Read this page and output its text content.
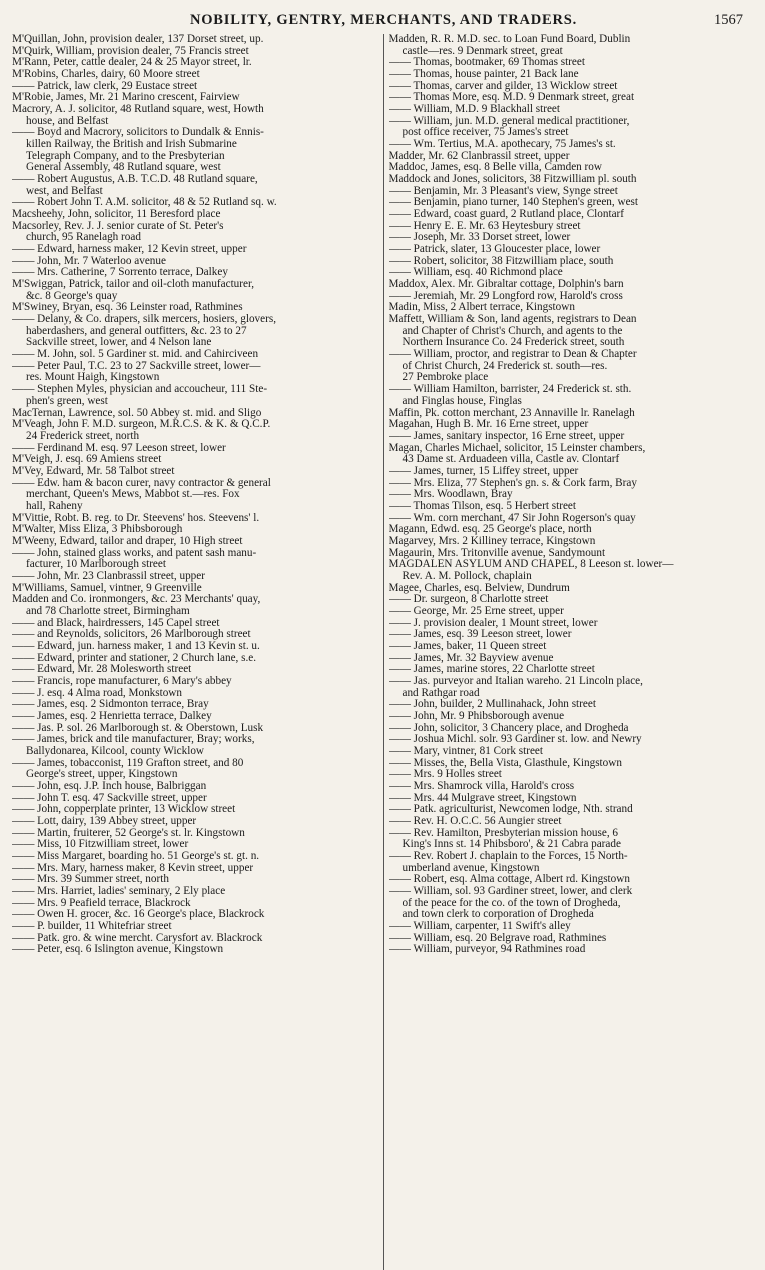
NOBILITY, GENTRY, MERCHANTS, AND TRADERS.	1567
M'Quillan, John, provision dealer, 137 Dorset street, up.
M'Quirk, William, provision dealer, 75 Francis street
M'Rann, Peter, cattle dealer, 24 & 25 Mayor street, lr.
M'Robins, Charles, dairy, 60 Moore street
—— Patrick, law clerk, 29 Eustace street
M'Robie, James, Mr. 21 Marino crescent, Fairview
Macrory, A. J. solicitor, 48 Rutland square, west, Howth
house, and Belfast
—— Boyd and Macrory, solicitors to Dundalk & Ennis-
killen Railway, the British and Irish Submarine
Telegraph Company, and to the Presbyterian
General Assembly, 48 Rutland square, west
—— Robert Augustus, A.B. T.C.D. 48 Rutland square,
west, and Belfast
—— Robert John T. A.M. solicitor, 48 & 52 Rutland sq. w.
Macsheehy, John, solicitor, 11 Beresford place
Macsorley, Rev. J. J. senior curate of St. Peter's
church, 95 Ranelagh road
—— Edward, harness maker, 12 Kevin street, upper
—— John, Mr. 7 Waterloo avenue
—— Mrs. Catherine, 7 Sorrento terrace, Dalkey
M'Swiggan, Patrick, tailor and oil-cloth manufacturer,
&c. 8 George's quay
M'Swiney, Bryan, esq. 36 Leinster road, Rathmines
—— Delany, & Co. drapers, silk mercers, hosiers, glovers,
haberdashers, and general outfitters, &c. 23 to 27
Sackville street, lower, and 4 Nelson lane
—— M. John, sol. 5 Gardiner st. mid. and Cahirciveen
—— Peter Paul, T.C. 23 to 27 Sackville street, lower—
res. Mount Haigh, Kingstown
—— Stephen Myles, physician and accoucheur, 111 Ste-
phen's green, west
MacTernan, Lawrence, sol. 50 Abbey st. mid. and Sligo
M'Veagh, John F. M.D. surgeon, M.R.C.S. & K. & Q.C.P.
24 Frederick street, north
—— Ferdinand M. esq. 97 Leeson street, lower
M'Veigh, J. esq. 69 Amiens street
M'Vey, Edward, Mr. 58 Talbot street
—— Edw. ham & bacon curer, navy contractor & general
merchant, Queen's Mews, Mabbot st.—res. Fox
hall, Raheny
M'Vittie, Robt. B. reg. to Dr. Steevens' hos. Steevens' l.
M'Walter, Miss Eliza, 3 Phibsborough
M'Weeny, Edward, tailor and draper, 10 High street
—— John, stained glass works, and patent sash manu-
facturer, 10 Marlborough street
—— John, Mr. 23 Clanbrassil street, upper
M'Williams, Samuel, vintner, 9 Greenville
Madden and Co. ironmongers, &c. 23 Merchants' quay,
and 78 Charlotte street, Birmingham
—— and Black, hairdressers, 145 Capel street
—— and Reynolds, solicitors, 26 Marlborough street
—— Edward, jun. harness maker, 1 and 13 Kevin st. u.
—— Edward, printer and stationer, 2 Church lane, s.e.
—— Edward, Mr. 28 Molesworth street
—— Francis, rope manufacturer, 6 Mary's abbey
—— J. esq. 4 Alma road, Monkstown
—— James, esq. 2 Sidmonton terrace, Bray
—— James, esq. 2 Henrietta terrace, Dalkey
—— Jas. P. sol. 26 Marlborough st. & Oberstown, Lusk
—— James, brick and tile manufacturer, Bray; works,
Ballydonarea, Kilcool, county Wicklow
—— James, tobacconist, 119 Grafton street, and 80
George's street, upper, Kingstown
—— John, esq. J.P. Inch house, Balbriggan
—— John T. esq. 47 Sackville street, upper
—— John, copperplate printer, 13 Wicklow street
—— Lott, dairy, 139 Abbey street, upper
—— Martin, fruiterer, 52 George's st. lr. Kingstown
—— Miss, 10 Fitzwilliam street, lower
—— Miss Margaret, boarding ho. 51 George's st. gt. n.
—— Mrs. Mary, harness maker, 8 Kevin street, upper
—— Mrs. 39 Summer street, north
—— Mrs. Harriet, ladies' seminary, 2 Ely place
—— Mrs. 9 Peafield terrace, Blackrock
—— Owen H. grocer, &c. 16 George's place, Blackrock
—— P. builder, 11 Whitefriar street
—— Patk. gro. & wine mercht. Carysfort av. Blackrock
—— Peter, esq. 6 Islington avenue, Kingstown
Madden, R. R. M.D. sec. to Loan Fund Board, Dublin
castle—res. 9 Denmark street, great
—— Thomas, bootmaker, 69 Thomas street
—— Thomas, house painter, 21 Back lane
—— Thomas, carver and gilder, 13 Wicklow street
—— Thomas More, esq. M.D. 9 Denmark street, great
—— William, M.D. 9 Blackhall street
—— William, jun. M.D. general medical practitioner,
post office receiver, 75 James's street
—— Wm. Tertius, M.A. apothecary, 75 James's st.
Madder, Mr. 62 Clanbrassil street, upper
Maddoc, James, esq. 8 Belle villa, Camden row
Maddock and Jones, solicitors, 38 Fitzwilliam pl. south
—— Benjamin, Mr. 3 Pleasant's view, Synge street
—— Benjamin, piano turner, 140 Stephen's green, west
—— Edward, coast guard, 2 Rutland place, Clontarf
—— Henry E. E. Mr. 63 Heytesbury street
—— Joseph, Mr. 33 Dorset street, lower
—— Patrick, slater, 13 Gloucester place, lower
—— Robert, solicitor, 38 Fitzwilliam place, south
—— William, esq. 40 Richmond place
Maddox, Alex. Mr. Gibraltar cottage, Dolphin's barn
—— Jeremiah, Mr. 29 Longford row, Harold's cross
Madin, Miss, 2 Albert terrace, Kingstown
Maffett, William & Son, land agents, registrars to Dean
and Chapter of Christ's Church, and agents to the
Northern Insurance Co. 24 Frederick street, south
—— William, proctor, and registrar to Dean & Chapter
of Christ Church, 24 Frederick st. south—res.
27 Pembroke place
—— William Hamilton, barrister, 24 Frederick st. sth.
and Finglas house, Finglas
Maffin, Pk. cotton merchant, 23 Annaville lr. Ranelagh
Magahan, Hugh B. Mr. 16 Erne street, upper
—— James, sanitary inspector, 16 Erne street, upper
Magan, Charles Michael, solicitor, 15 Leinster chambers,
43 Dame st. Arduadeen villa, Castle av. Clontarf
—— James, turner, 15 Liffey street, upper
—— Mrs. Eliza, 77 Stephen's gn. s. & Cork farm, Bray
—— Mrs. Woodlawn, Bray
—— Thomas Tilson, esq. 5 Herbert street
—— Wm. corn merchant, 47 Sir John Rogerson's quay
Magann, Edwd. esq. 25 George's place, north
Magarvey, Mrs. 2 Killiney terrace, Kingstown
Magaurin, Mrs. Tritonville avenue, Sandymount
MAGDALEN ASYLUM AND CHAPEL, 8 Leeson st. lower—
Rev. A. M. Pollock, chaplain
Magee, Charles, esq. Belview, Dundrum
—— Dr. surgeon, 8 Charlotte street
—— George, Mr. 25 Erne street, upper
—— J. provision dealer, 1 Mount street, lower
—— James, esq. 39 Leeson street, lower
—— James, baker, 11 Queen street
—— James, Mr. 32 Bayview avenue
—— James, marine stores, 22 Charlotte street
—— Jas. purveyor and Italian wareho. 21 Lincoln place,
and Rathgar road
—— John, builder, 2 Mullinahack, John street
—— John, Mr. 9 Phibsborough avenue
—— John, solicitor, 3 Chancery place, and Drogheda
—— Joshua Michl. solr. 93 Gardiner st. low. and Newry
—— Mary, vintner, 81 Cork street
—— Misses, the, Bella Vista, Glasthule, Kingstown
—— Mrs. 9 Holles street
—— Mrs. Shamrock villa, Harold's cross
—— Mrs. 44 Mulgrave street, Kingstown
—— Patk. agriculturist, Newcomen lodge, Nth. strand
—— Rev. H. O.C.C. 56 Aungier street
—— Rev. Hamilton, Presbyterian mission house, 6
King's Inns st. 14 Phibsboro', & 21 Cabra parade
—— Rev. Robert J. chaplain to the Forces, 15 North-
umberland avenue, Kingstown
—— Robert, esq. Alma cottage, Albert rd. Kingstown
—— William, sol. 93 Gardiner street, lower, and clerk
of the peace for the co. of the town of Drogheda,
and town clerk to corporation of Drogheda
—— William, carpenter, 11 Swift's alley
—— William, esq. 20 Belgrave road, Rathmines
—— William, purveyor, 94 Rathmines road
